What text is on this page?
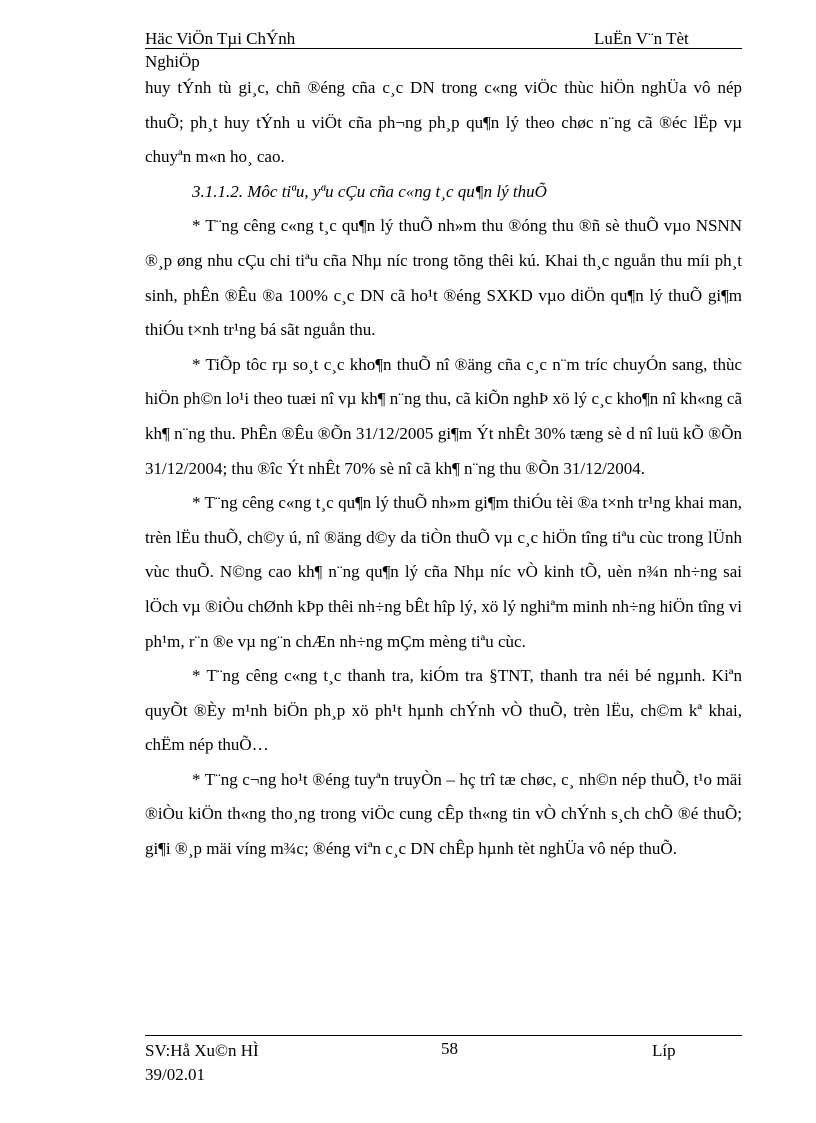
Häc ViÖn Tµi ChÝnh	LuËn V¨n Tèt
NghiÖp

huy tÝnh tù gi¸c, chñ ®éng cña c¸c DN trong c«ng viÖc thùc hiÖn nghÜa vô nép thuÕ; ph¸t huy tÝnh u viÖt cña ph¬ng ph¸p qu¶n lý theo chøc n¨ng cã ®éc lËp vµ chuyªn m«n ho¸ cao.

3.1.1.2. Môc tiªu, yªu cÇu cña c«ng t¸c qu¶n lý thuÕ

* T¨ng cêng c«ng t¸c qu¶n lý thuÕ nh»m thu ®óng thu ®ñ sè thuÕ vµo NSNN ®¸p øng nhu cÇu chi tiªu cña Nhµ níc trong tõng thêi kú. Khai th¸c nguån thu míi ph¸t sinh, phÊn ®Êu ®a 100% c¸c DN cã ho¹t ®éng SXKD vµo diÖn qu¶n lý thuÕ gi¶m thiÓu t×nh tr¹ng bá sãt nguån thu.

* TiÕp tôc rµ so¸t c¸c kho¶n thuÕ nî ®äng cña c¸c n¨m tríc chuyÓn sang, thùc hiÖn ph©n lo¹i theo tuæi nî vµ kh¶ n¨ng thu, cã kiÕn nghÞ xö lý c¸c kho¶n nî kh«ng cã kh¶ n¨ng thu. PhÊn ®Êu ®Õn 31/12/2005 gi¶m Ýt nhÊt 30% tæng sè d nî luü kÕ ®Õn 31/12/2004; thu ®îc Ýt nhÊt 70% sè nî cã kh¶ n¨ng thu ®Õn 31/12/2004.

* T¨ng cêng c«ng t¸c qu¶n lý thuÕ nh»m gi¶m thiÓu tèi ®a t×nh tr¹ng khai man, trèn lËu thuÕ, ch©y ú, nî ®äng d©y da tiÒn thuÕ vµ c¸c hiÖn tîng tiªu cùc trong lÜnh vùc thuÕ. N©ng cao kh¶ n¨ng qu¶n lý cña Nhµ níc vÒ kinh tÕ, uèn n¾n nh÷ng sai lÖch vµ ®iÒu chØnh kÞp thêi nh÷ng bÊt hîp lý, xö lý nghiªm minh nh÷ng hiÖn tîng vi ph¹m, r¨n ®e vµ ng¨n chÆn nh÷ng mÇm mèng tiªu cùc.

* T¨ng cêng c«ng t¸c thanh tra, kiÓm tra §TNT, thanh tra néi bé ngµnh. Kiªn quyÕt ®Èy m¹nh biÖn ph¸p xö ph¹t hµnh chÝnh vÒ thuÕ, trèn lËu, ch©m kª khai, chËm nép thuÕ…

* T¨ng c¬ng ho¹t ®éng tuyªn truyÒn – hç trî tæ chøc, c¸ nh©n nép thuÕ, t¹o mäi ®iÒu kiÖn th«ng tho¸ng trong viÖc cung cÊp th«ng tin vÒ chÝnh s¸ch chÕ ®é thuÕ; gi¶i ®¸p mäi víng m¾c; ®éng viªn c¸c DN chÊp hµnh tèt nghÜa vô nép thuÕ.

SV:Hå Xu©n HÌ	58	Líp
39/02.01
